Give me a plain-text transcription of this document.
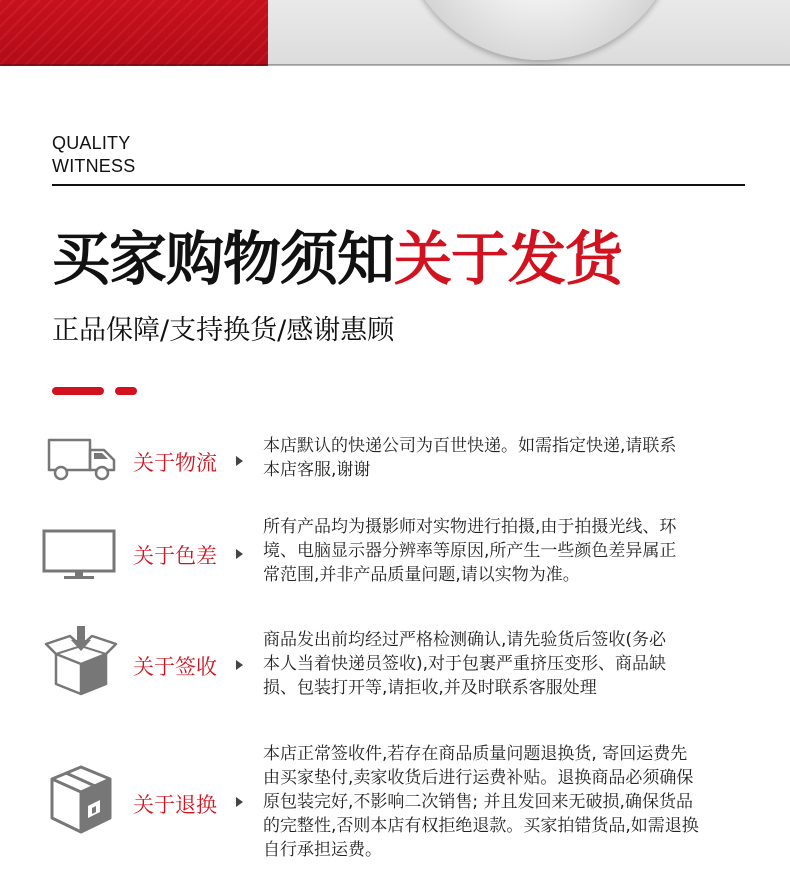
QUALITY
WITNESS
买家购物须知关于发货
正品保障/支持换货/感谢惠顾
关于物流
本店默认的快递公司为百世快递。如需指定快递,请联系
本店客服,谢谢
关于色差
所有产品均为摄影师对实物进行拍摄,由于拍摄光线、环
境、电脑显示器分辨率等原因,所产生一些颜色差异属正
常范围,并非产品质量问题,请以实物为准。
关于签收
商品发出前均经过严格检测确认,请先验货后签收(务必
本人当着快递员签收),对于包裹严重挤压变形、商品缺
损、包装打开等,请拒收,并及时联系客服处理
关于退换
本店正常签收件,若存在商品质量问题退换货, 寄回运费先
由买家垫付,卖家收货后进行运费补贴。退换商品必须确保
原包装完好,不影响二次销售; 并且发回来无破损,确保货品
的完整性,否则本店有权拒绝退款。买家拍错货品,如需退换
自行承担运费。
